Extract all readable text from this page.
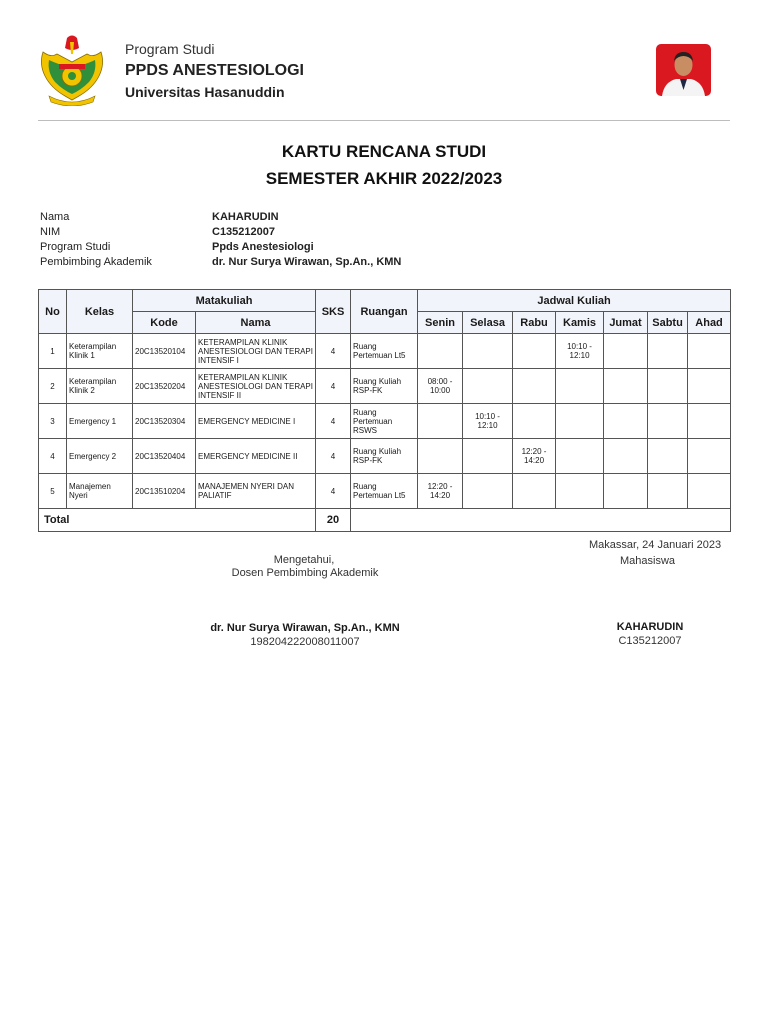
Program Studi
PPDS ANESTESIOLOGI
Universitas Hasanuddin
KARTU RENCANA STUDI
SEMESTER AKHIR 2022/2023
Nama	KAHARUDIN
NIM	C135212007
Program Studi	Ppds Anestesiologi
Pembimbing Akademik	dr. Nur Surya Wirawan, Sp.An., KMN
No	Kelas	Matakuliah		SKS	Ruangan	Jadwal Kuliah						
		Kode	Nama			Senin	Selasa	Rabu	Kamis	Jumat	Sabtu	Ahad
1	Keterampilan Klinik 1	20C13520104	KETERAMPILAN KLINIK ANESTESIOLOGI DAN TERAPI INTENSIF I	4	Ruang Pertemuan Lt5				10:10 - 12:10			
2	Keterampilan Klinik 2	20C13520204	KETERAMPILAN KLINIK ANESTESIOLOGI DAN TERAPI INTENSIF II	4	Ruang Kuliah RSP-FK	08:00 - 10:00						
3	Emergency 1	20C13520304	EMERGENCY MEDICINE I	4	Ruang Pertemuan RSWS		10:10 - 12:10					
4	Emergency 2	20C13520404	EMERGENCY MEDICINE II	4	Ruang Kuliah RSP-FK			12:20 - 14:20				
5	Manajemen Nyeri	20C13510204	MANAJEMEN NYERI DAN PALIATIF	4	Ruang Pertemuan Lt5	12:20 - 14:20						
Total				20								
Makassar, 24 Januari 2023
Mahasiswa
Mengetahui,
Dosen Pembimbing Akademik
dr. Nur Surya Wirawan, Sp.An., KMN
198204222008011007
KAHARUDIN
C135212007
